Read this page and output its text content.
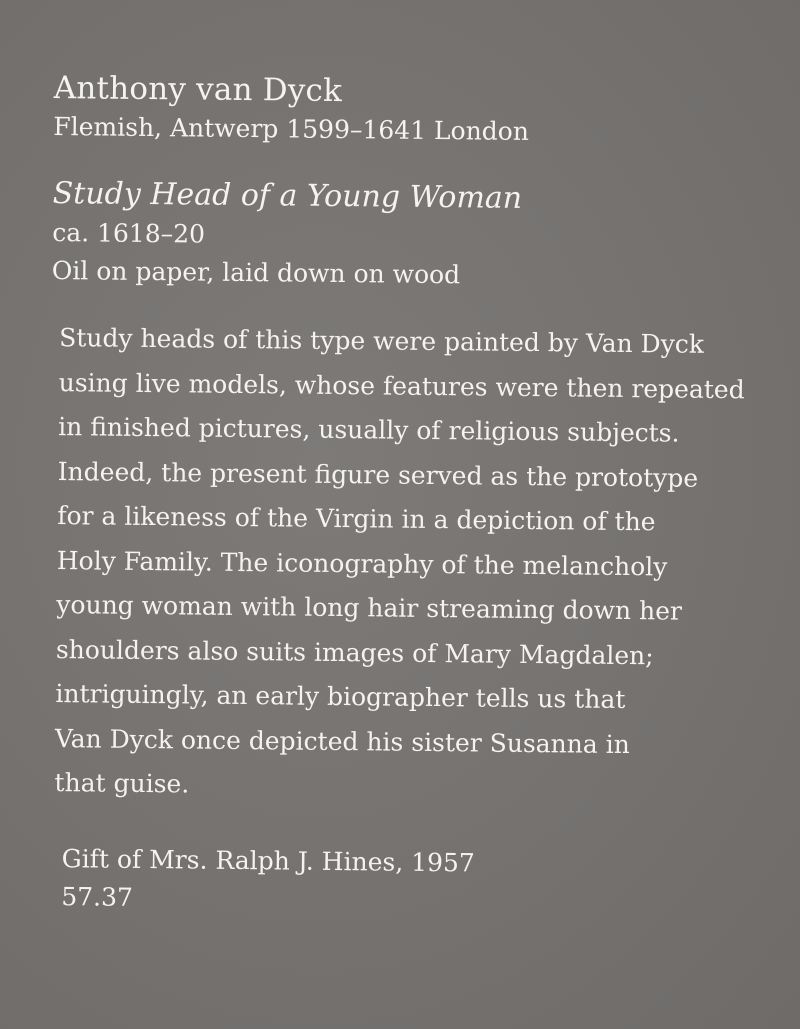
Anthony van Dyck

Flemish, Antwerp 1599–1641 London

Study Head of a Young Woman

ca. 1618–20

Oil on paper, laid down on wood

Study heads of this type were painted by Van Dyck
using live models, whose features were then repeated
in finished pictures, usually of religious subjects.
Indeed, the present figure served as the prototype
for a likeness of the Virgin in a depiction of the
Holy Family. The iconography of the melancholy
young woman with long hair streaming down her
shoulders also suits images of Mary Magdalen;
intriguingly, an early biographer tells us that
Van Dyck once depicted his sister Susanna in
that guise.
Gift of Mrs. Ralph J. Hines, 1957
57.37
